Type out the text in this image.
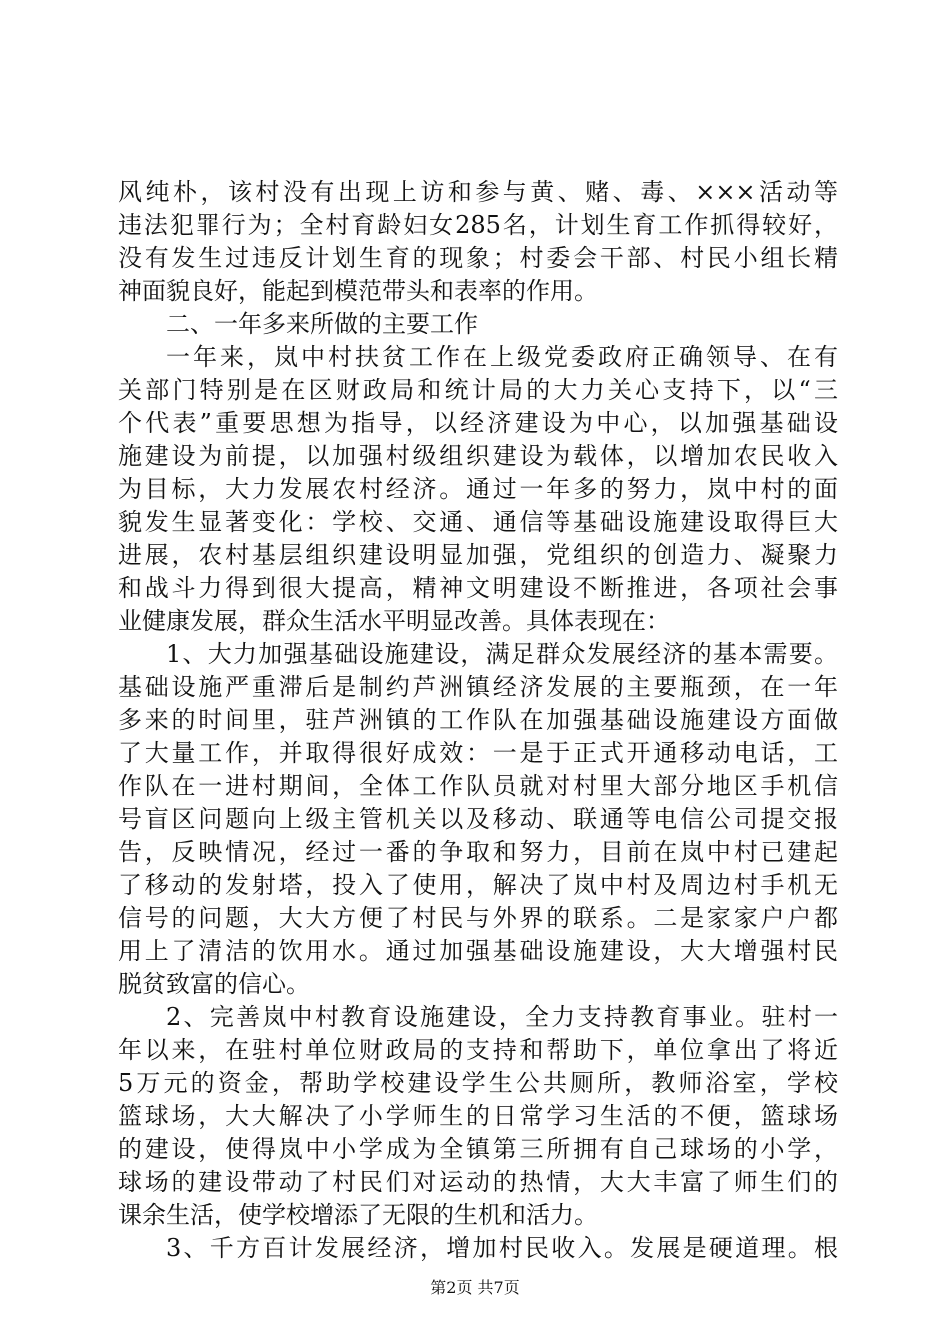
风纯朴，该村没有出现上访和参与黄、赌、毒、×××活动等
违法犯罪行为；全村育龄妇女285名，计划生育工作抓得较好，
没有发生过违反计划生育的现象；村委会干部、村民小组长精
神面貌良好，能起到模范带头和表率的作用。
二、一年多来所做的主要工作
一年来，岚中村扶贫工作在上级党委政府正确领导、在有
关部门特别是在区财政局和统计局的大力关心支持下，以“三
个代表”重要思想为指导，以经济建设为中心，以加强基础设
施建设为前提，以加强村级组织建设为载体，以增加农民收入
为目标，大力发展农村经济。通过一年多的努力，岚中村的面
貌发生显著变化：学校、交通、通信等基础设施建设取得巨大
进展，农村基层组织建设明显加强，党组织的创造力、凝聚力
和战斗力得到很大提高，精神文明建设不断推进，各项社会事
业健康发展，群众生活水平明显改善。具体表现在：
1、大力加强基础设施建设，满足群众发展经济的基本需要。
基础设施严重滞后是制约芦洲镇经济发展的主要瓶颈，在一年
多来的时间里，驻芦洲镇的工作队在加强基础设施建设方面做
了大量工作，并取得很好成效：一是于正式开通移动电话，工
作队在一进村期间，全体工作队员就对村里大部分地区手机信
号盲区问题向上级主管机关以及移动、联通等电信公司提交报
告，反映情况，经过一番的争取和努力，目前在岚中村已建起
了移动的发射塔，投入了使用，解决了岚中村及周边村手机无
信号的问题，大大方便了村民与外界的联系。二是家家户户都
用上了清洁的饮用水。通过加强基础设施建设，大大增强村民
脱贫致富的信心。
2、完善岚中村教育设施建设，全力支持教育事业。驻村一
年以来，在驻村单位财政局的支持和帮助下，单位拿出了将近
5万元的资金，帮助学校建设学生公共厕所，教师浴室，学校
篮球场，大大解决了小学师生的日常学习生活的不便，篮球场
的建设，使得岚中小学成为全镇第三所拥有自己球场的小学，
球场的建设带动了村民们对运动的热情，大大丰富了师生们的
课余生活，使学校增添了无限的生机和活力。
3、千方百计发展经济，增加村民收入。发展是硬道理。根
第2页 共7页
